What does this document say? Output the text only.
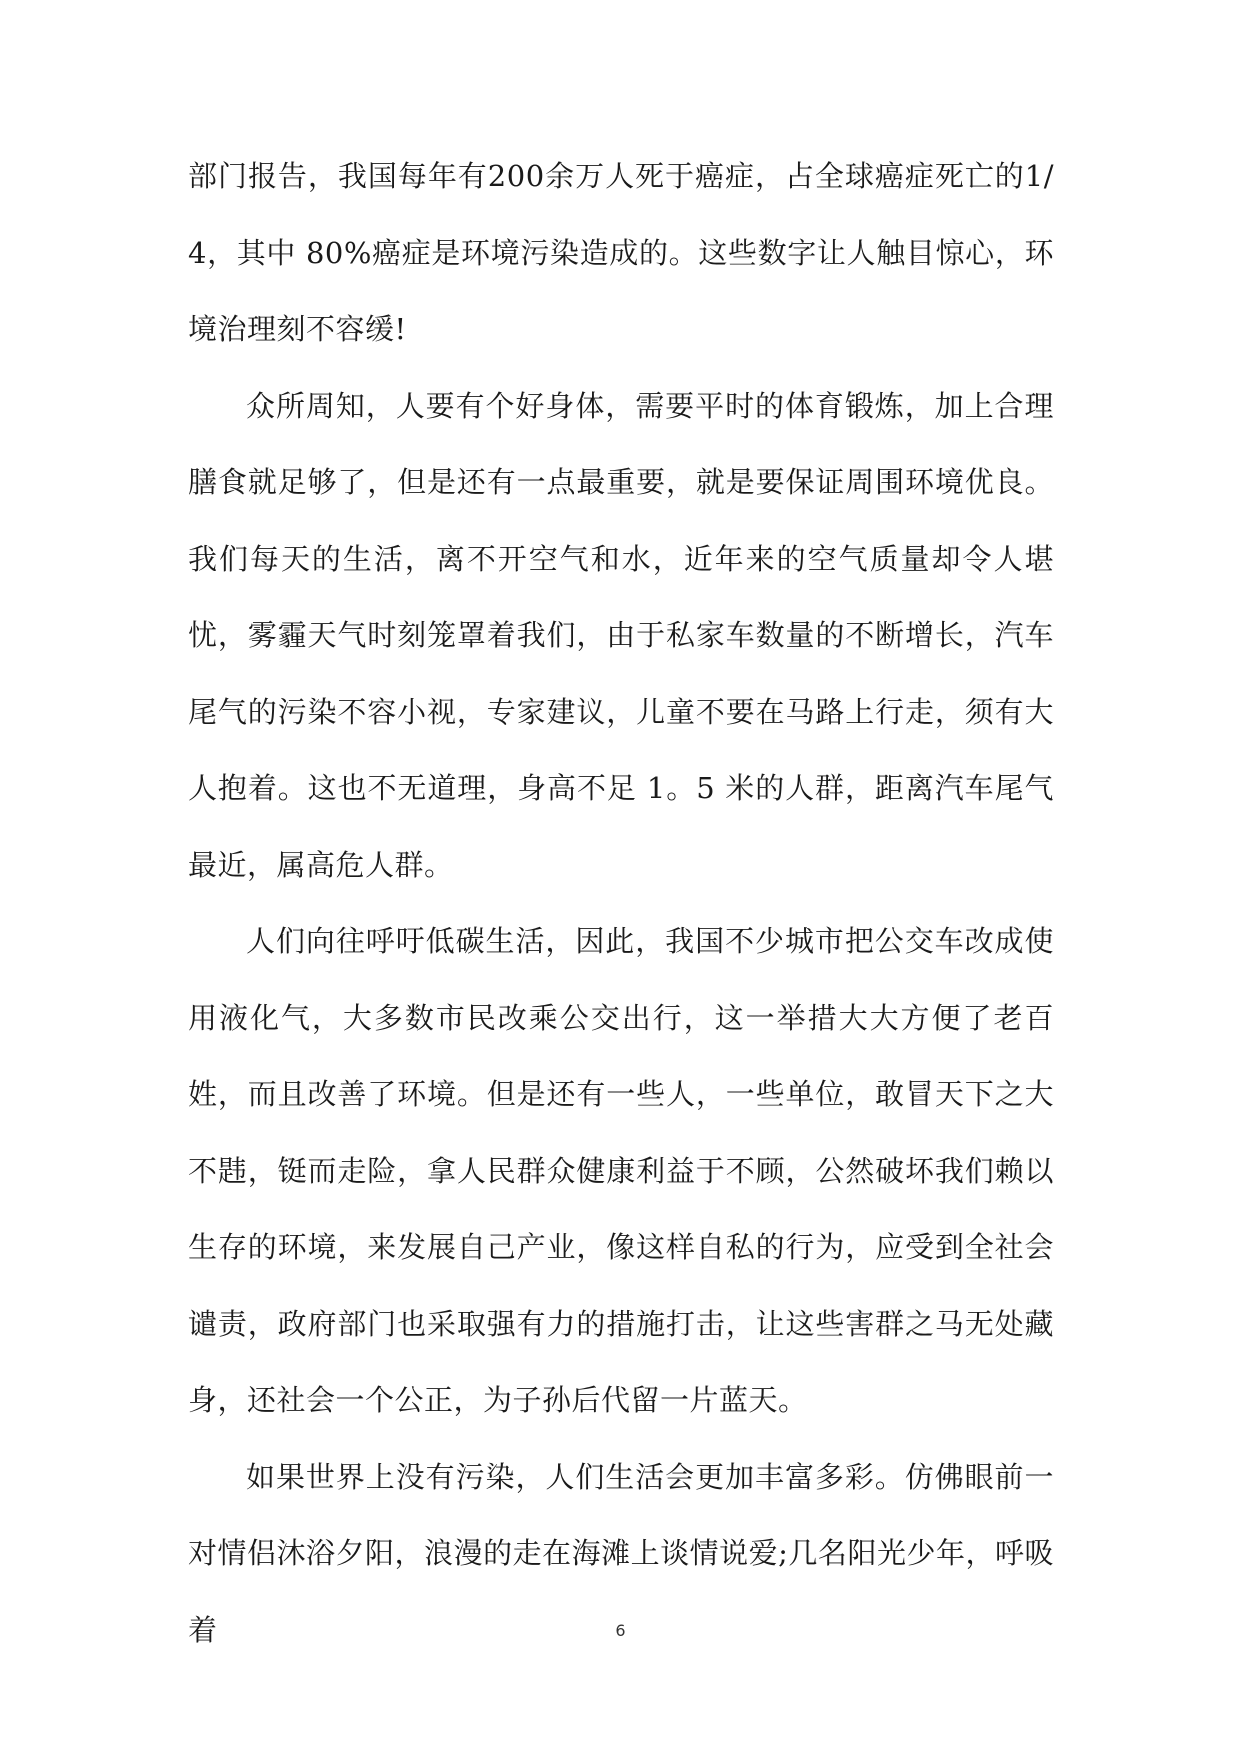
部门报告，我国每年有200余万人死于癌症，占全球癌症死亡的1/4，其中 80%癌症是环境污染造成的。这些数字让人触目惊心，环境治理刻不容缓!

众所周知，人要有个好身体，需要平时的体育锻炼，加上合理膳食就足够了，但是还有一点最重要，就是要保证周围环境优良。我们每天的生活，离不开空气和水，近年来的空气质量却令人堪忧，雾霾天气时刻笼罩着我们，由于私家车数量的不断增长，汽车尾气的污染不容小视，专家建议，儿童不要在马路上行走，须有大人抱着。这也不无道理，身高不足 1。5 米的人群，距离汽车尾气最近，属高危人群。

人们向往呼吁低碳生活，因此，我国不少城市把公交车改成使用液化气，大多数市民改乘公交出行，这一举措大大方便了老百姓，而且改善了环境。但是还有一些人，一些单位，敢冒天下之大不韪，铤而走险，拿人民群众健康利益于不顾，公然破坏我们赖以生存的环境，来发展自己产业，像这样自私的行为，应受到全社会谴责，政府部门也采取强有力的措施打击，让这些害群之马无处藏身，还社会一个公正，为子孙后代留一片蓝天。

如果世界上没有污染，人们生活会更加丰富多彩。仿佛眼前一对情侣沐浴夕阳，浪漫的走在海滩上谈情说爱;几名阳光少年，呼吸着	6
